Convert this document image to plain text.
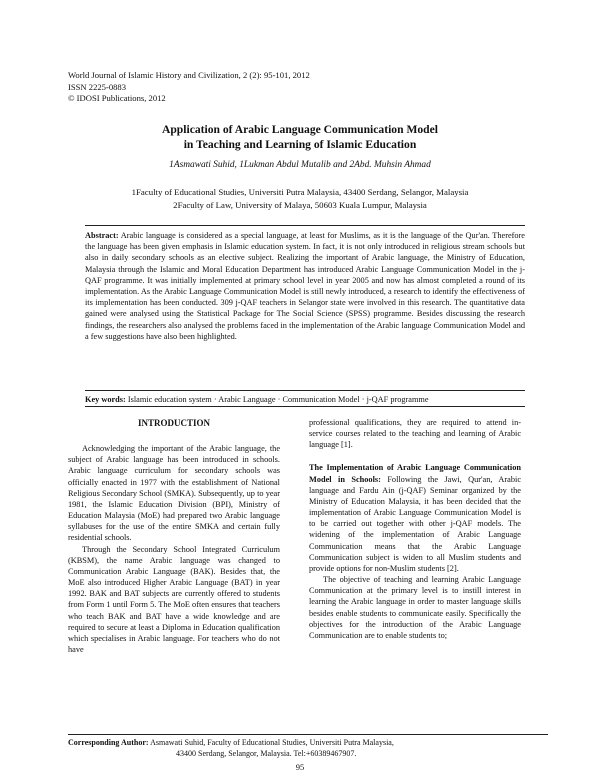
World Journal of Islamic History and Civilization, 2 (2): 95-101, 2012
ISSN 2225-0883
© IDOSI Publications, 2012
Application of Arabic Language Communication Model
in Teaching and Learning of Islamic Education
1Asmawati Suhid, 1Lukman Abdul Mutalib and 2Abd. Muhsin Ahmad
1Faculty of Educational Studies, Universiti Putra Malaysia, 43400 Serdang, Selangor, Malaysia
2Faculty of Law, University of Malaya, 50603 Kuala Lumpur, Malaysia
Abstract: Arabic language is considered as a special language, at least for Muslims, as it is the language of the Qur'an. Therefore the language has been given emphasis in Islamic education system. In fact, it is not only introduced in religious stream schools but also in daily secondary schools as an elective subject. Realizing the important of Arabic language, the Ministry of Education, Malaysia through the Islamic and Moral Education Department has introduced Arabic Language Communication Model in the j-QAF programme. It was initially implemented at primary school level in year 2005 and now has almost completed a round of its implementation. As the Arabic Language Communication Model is still newly introduced, a research to identify the effectiveness of its implementation has been conducted. 309 j-QAF teachers in Selangor state were involved in this research. The quantitative data gained were analysed using the Statistical Package for The Social Science (SPSS) programme. Besides discussing the research findings, the researchers also analysed the problems faced in the implementation of the Arabic language Communication Model and a few suggestions have also been highlighted.
Key words: Islamic education system · Arabic Language · Communication Model · j-QAF programme
INTRODUCTION

Acknowledging the important of the Arabic language, the subject of Arabic language has been introduced in schools. Arabic language curriculum for secondary schools was officially enacted in 1977 with the establishment of National Religious Secondary School (SMKA). Subsequently, up to year 1981, the Islamic Education Division (BPI), Ministry of Education Malaysia (MoE) had prepared two Arabic language syllabuses for the use of the entire SMKA and certain fully residential schools.

Through the Secondary School Integrated Curriculum (KBSM), the name Arabic language was changed to Communication Arabic Language (BAK). Besides that, the MoE also introduced Higher Arabic Language (BAT) in year 1992. BAK and BAT subjects are currently offered to students from Form 1 until Form 5. The MoE often ensures that teachers who teach BAK and BAT have a wide knowledge and are required to secure at least a Diploma in Education qualification which specialises in Arabic language. For teachers who do not have

professional qualifications, they are required to attend in-service courses related to the teaching and learning of Arabic language [1].

The Implementation of Arabic Language Communication Model in Schools: Following the Jawi, Qur'an, Arabic language and Fardu Ain (j-QAF) Seminar organized by the Ministry of Education Malaysia, it has been decided that the implementation of Arabic Language Communication Model is to be carried out together with other j-QAF models. The widening of the implementation of Arabic Language Communication means that the Arabic Language Communication subject is widen to all Muslim students and provide options for non-Muslim students [2].

The objective of teaching and learning Arabic Language Communication at the primary level is to instill interest in learning the Arabic language in order to master language skills besides enable students to communicate easily. Specifically the objectives for the introduction of the Arabic Language Communication are to enable students to;

Corresponding Author: Asmawati Suhid, Faculty of Educational Studies, Universiti Putra Malaysia,
43400 Serdang, Selangor, Malaysia. Tel:+60389467907.
95
